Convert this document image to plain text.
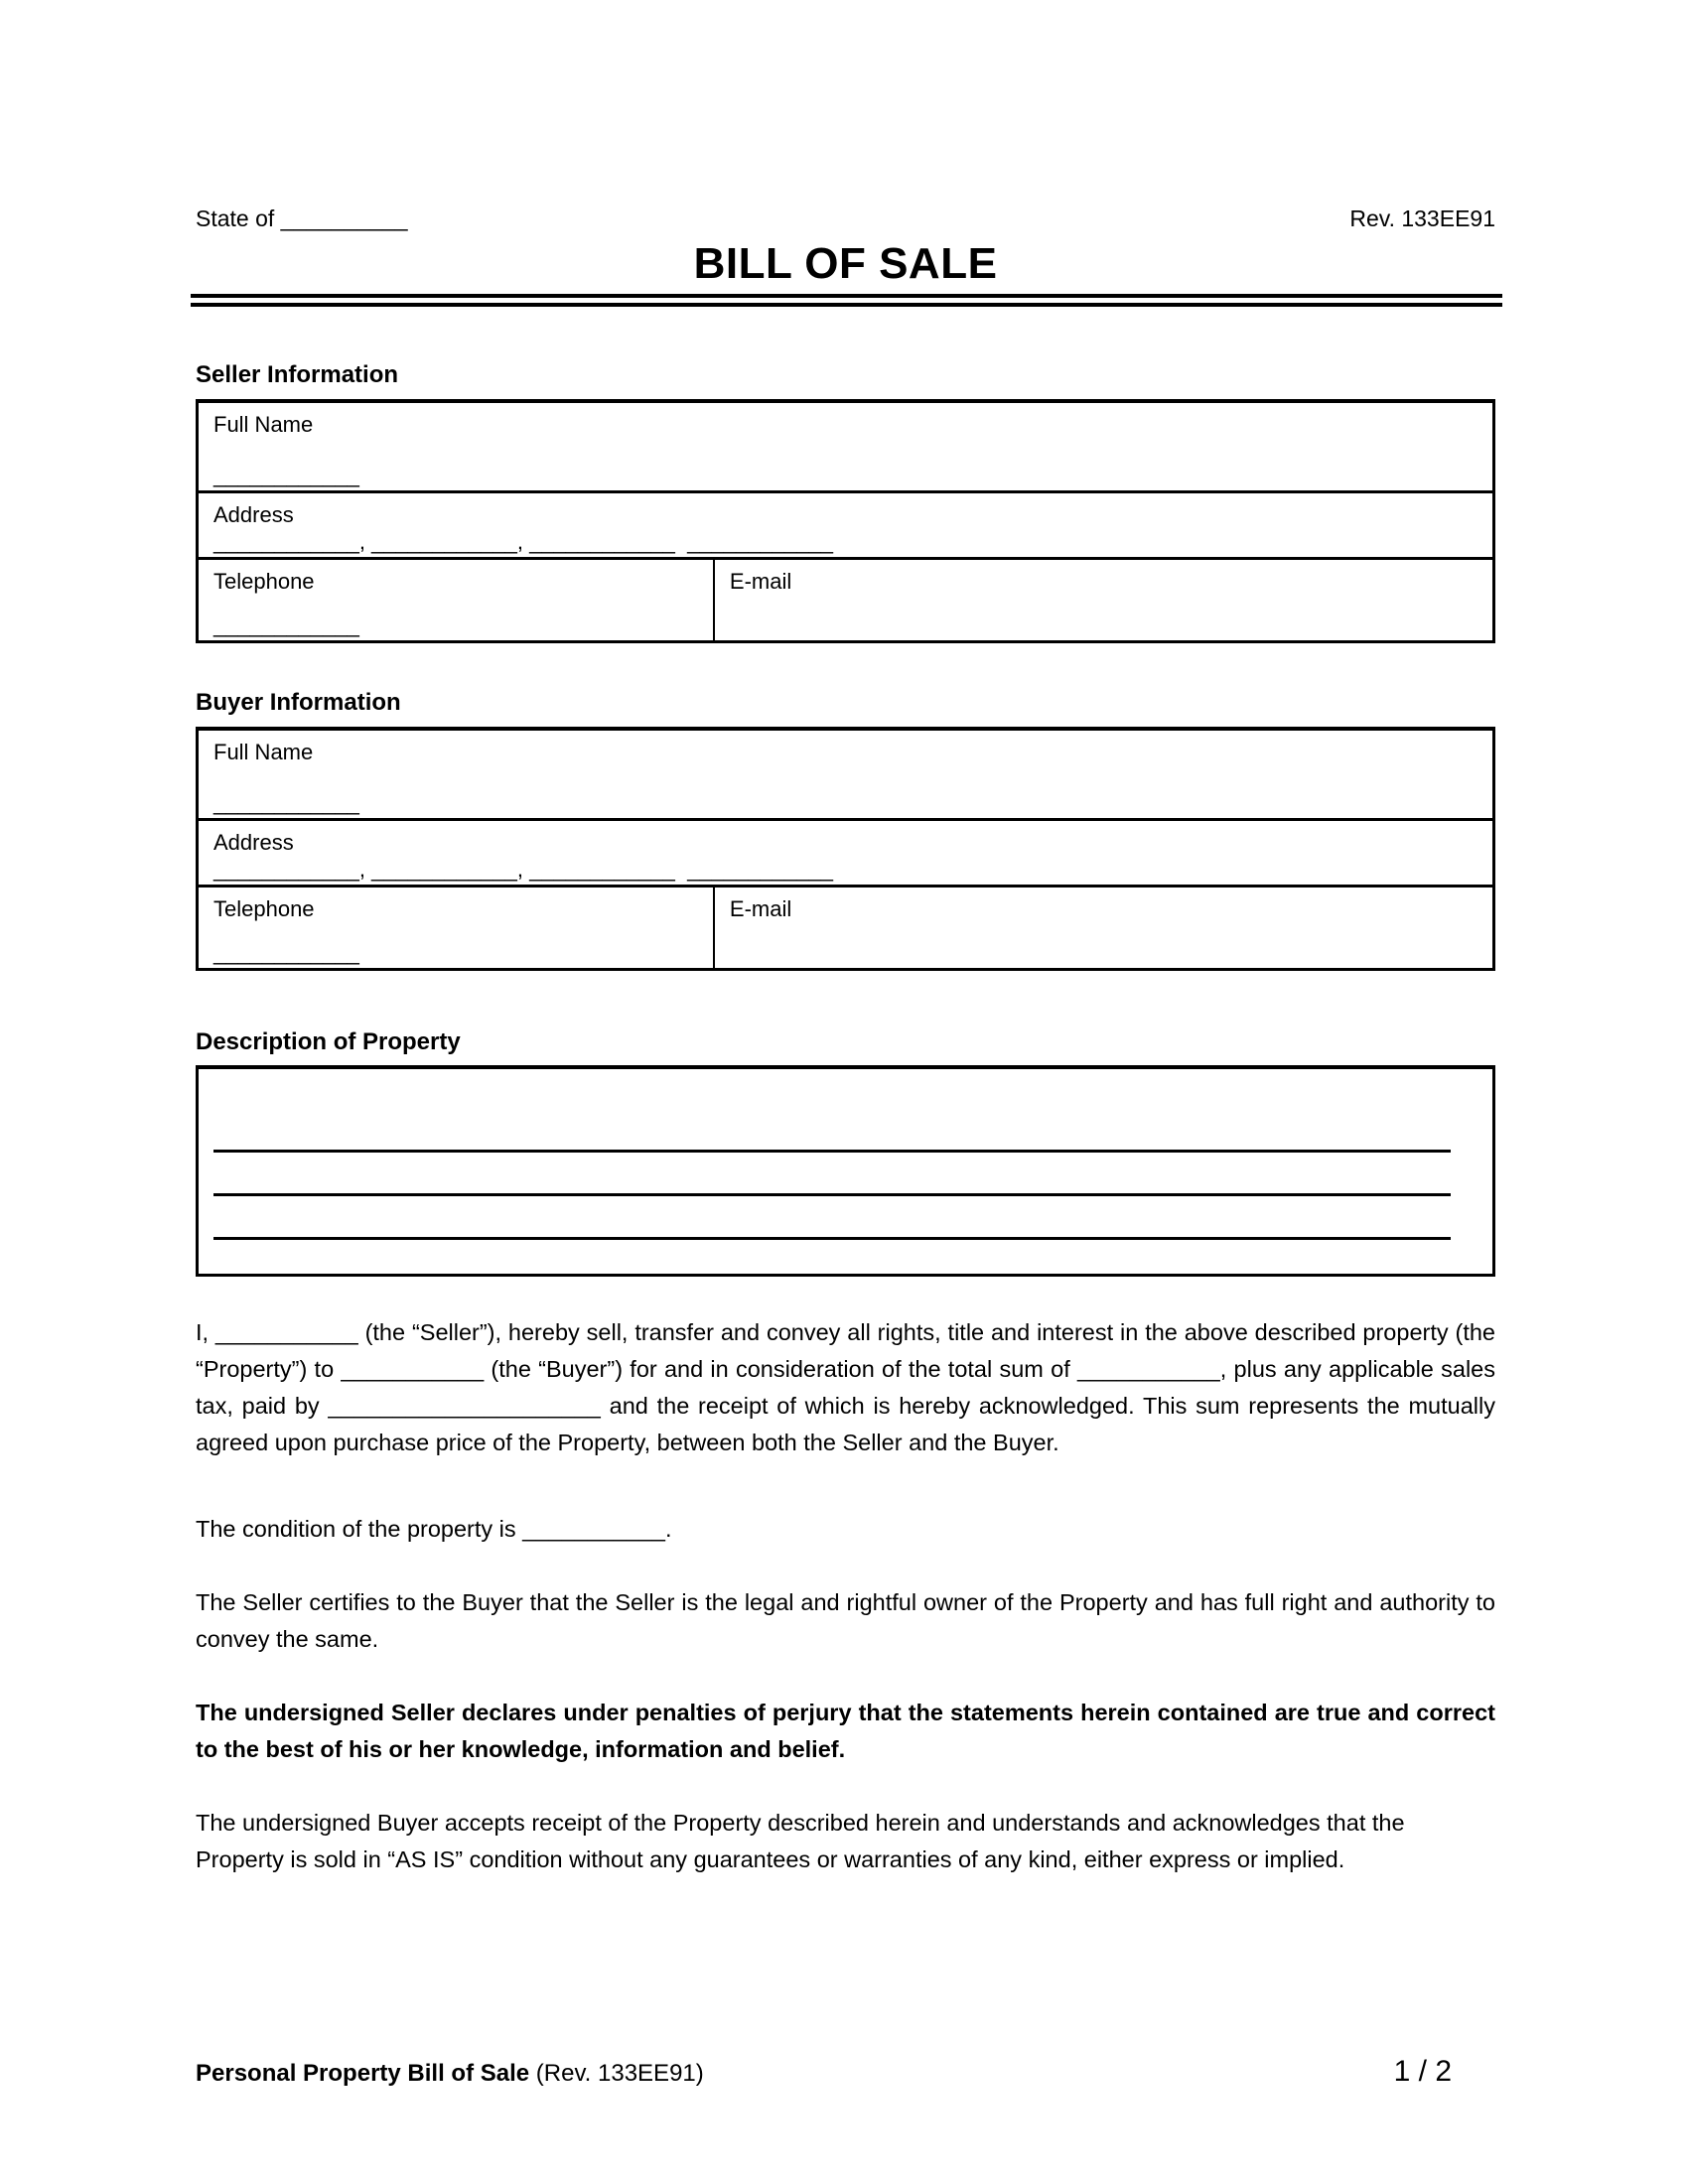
State of __________	Rev. 133EE91
BILL OF SALE
Seller Information
Full Name
____________
Address
____________, ____________, ____________  ____________
Telephone
____________
E-mail
Buyer Information
Full Name
____________
Address
____________, ____________, ____________  ____________
Telephone
____________
E-mail
Description of Property

I, ___________ (the “Seller”), hereby sell, transfer and convey all rights, title and interest in the above described property (the “Property”) to ___________ (the “Buyer”) for and in consideration of the total sum of ___________, plus any applicable sales tax, paid by _____________________ and the receipt of which is hereby acknowledged. This sum represents the mutually agreed upon purchase price of the Property, between both the Seller and the Buyer.

The condition of the property is ___________.

The Seller certifies to the Buyer that the Seller is the legal and rightful owner of the Property and has full right and authority to convey the same.

The undersigned Seller declares under penalties of perjury that the statements herein contained are true and correct to the best of his or her knowledge, information and belief.

The undersigned Buyer accepts receipt of the Property described herein and understands and acknowledges that the Property is sold in “AS IS” condition without any guarantees or warranties of any kind, either express or implied.

Personal Property Bill of Sale (Rev. 133EE91)	1 / 2
